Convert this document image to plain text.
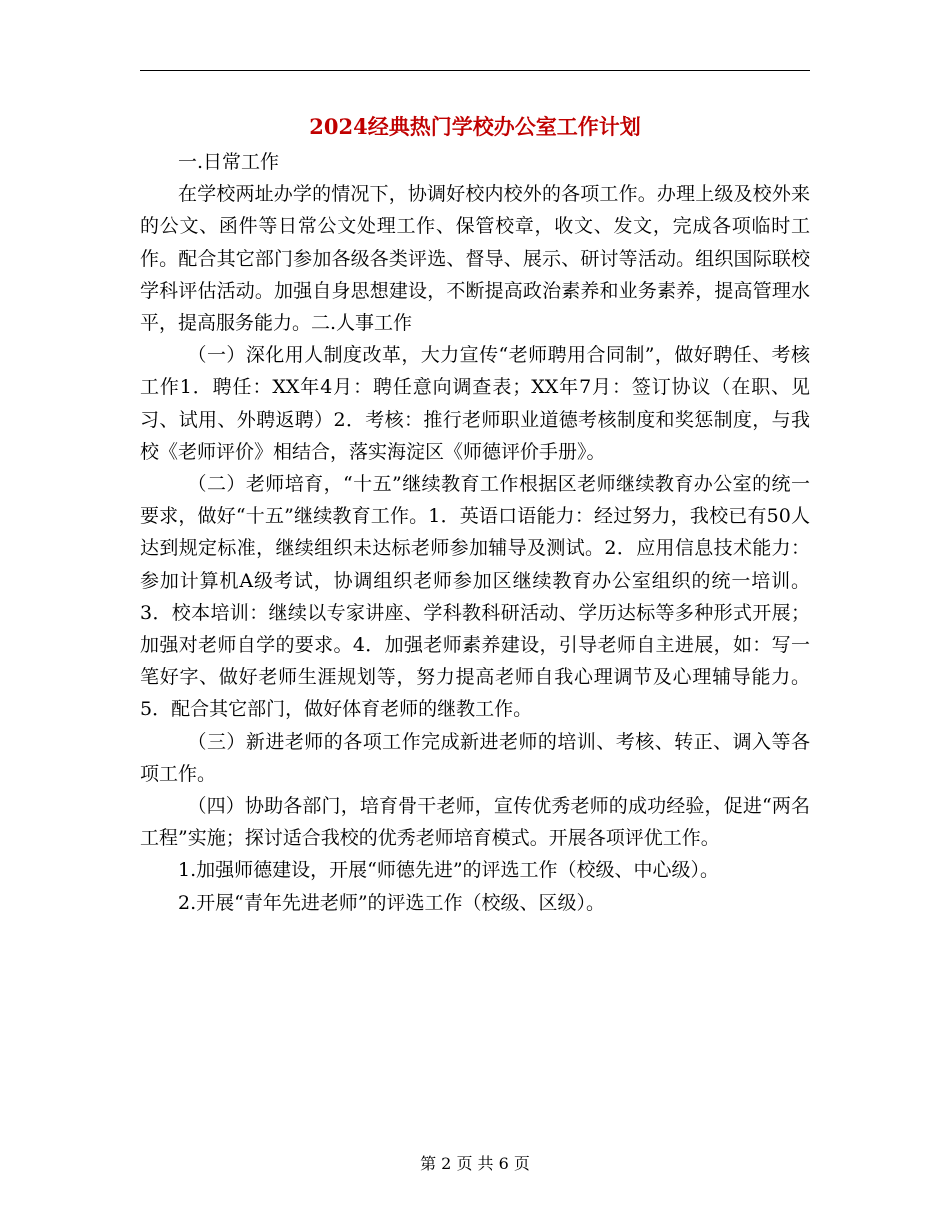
2024经典热门学校办公室工作计划

一.日常工作

在学校两址办学的情况下，协调好校内校外的各项工作。办理上级及校外来的公文、函件等日常公文处理工作、保管校章，收文、发文，完成各项临时工作。配合其它部门参加各级各类评选、督导、展示、研讨等活动。组织国际联校学科评估活动。加强自身思想建设，不断提高政治素养和业务素养，提高管理水平，提高服务能力。二.人事工作

（一）深化用人制度改革，大力宣传“老师聘用合同制”，做好聘任、考核工作1．聘任：XX年4月：聘任意向调查表；XX年7月：签订协议（在职、见习、试用、外聘返聘）2．考核：推行老师职业道德考核制度和奖惩制度，与我校《老师评价》相结合，落实海淀区《师德评价手册》。

（二）老师培育，“十五”继续教育工作根据区老师继续教育办公室的统一要求，做好“十五”继续教育工作。1．英语口语能力：经过努力，我校已有50人达到规定标准，继续组织未达标老师参加辅导及测试。2．应用信息技术能力：参加计算机A级考试，协调组织老师参加区继续教育办公室组织的统一培训。3．校本培训：继续以专家讲座、学科教科研活动、学历达标等多种形式开展；加强对老师自学的要求。4．加强老师素养建设，引导老师自主进展，如：写一笔好字、做好老师生涯规划等，努力提高老师自我心理调节及心理辅导能力。5．配合其它部门，做好体育老师的继教工作。

（三）新进老师的各项工作完成新进老师的培训、考核、转正、调入等各项工作。

（四）协助各部门，培育骨干老师，宣传优秀老师的成功经验，促进“两名工程”实施；探讨适合我校的优秀老师培育模式。开展各项评优工作。

1.加强师德建设，开展“师德先进”的评选工作（校级、中心级）。

2.开展“青年先进老师”的评选工作（校级、区级）。

第 2 页 共 6 页
